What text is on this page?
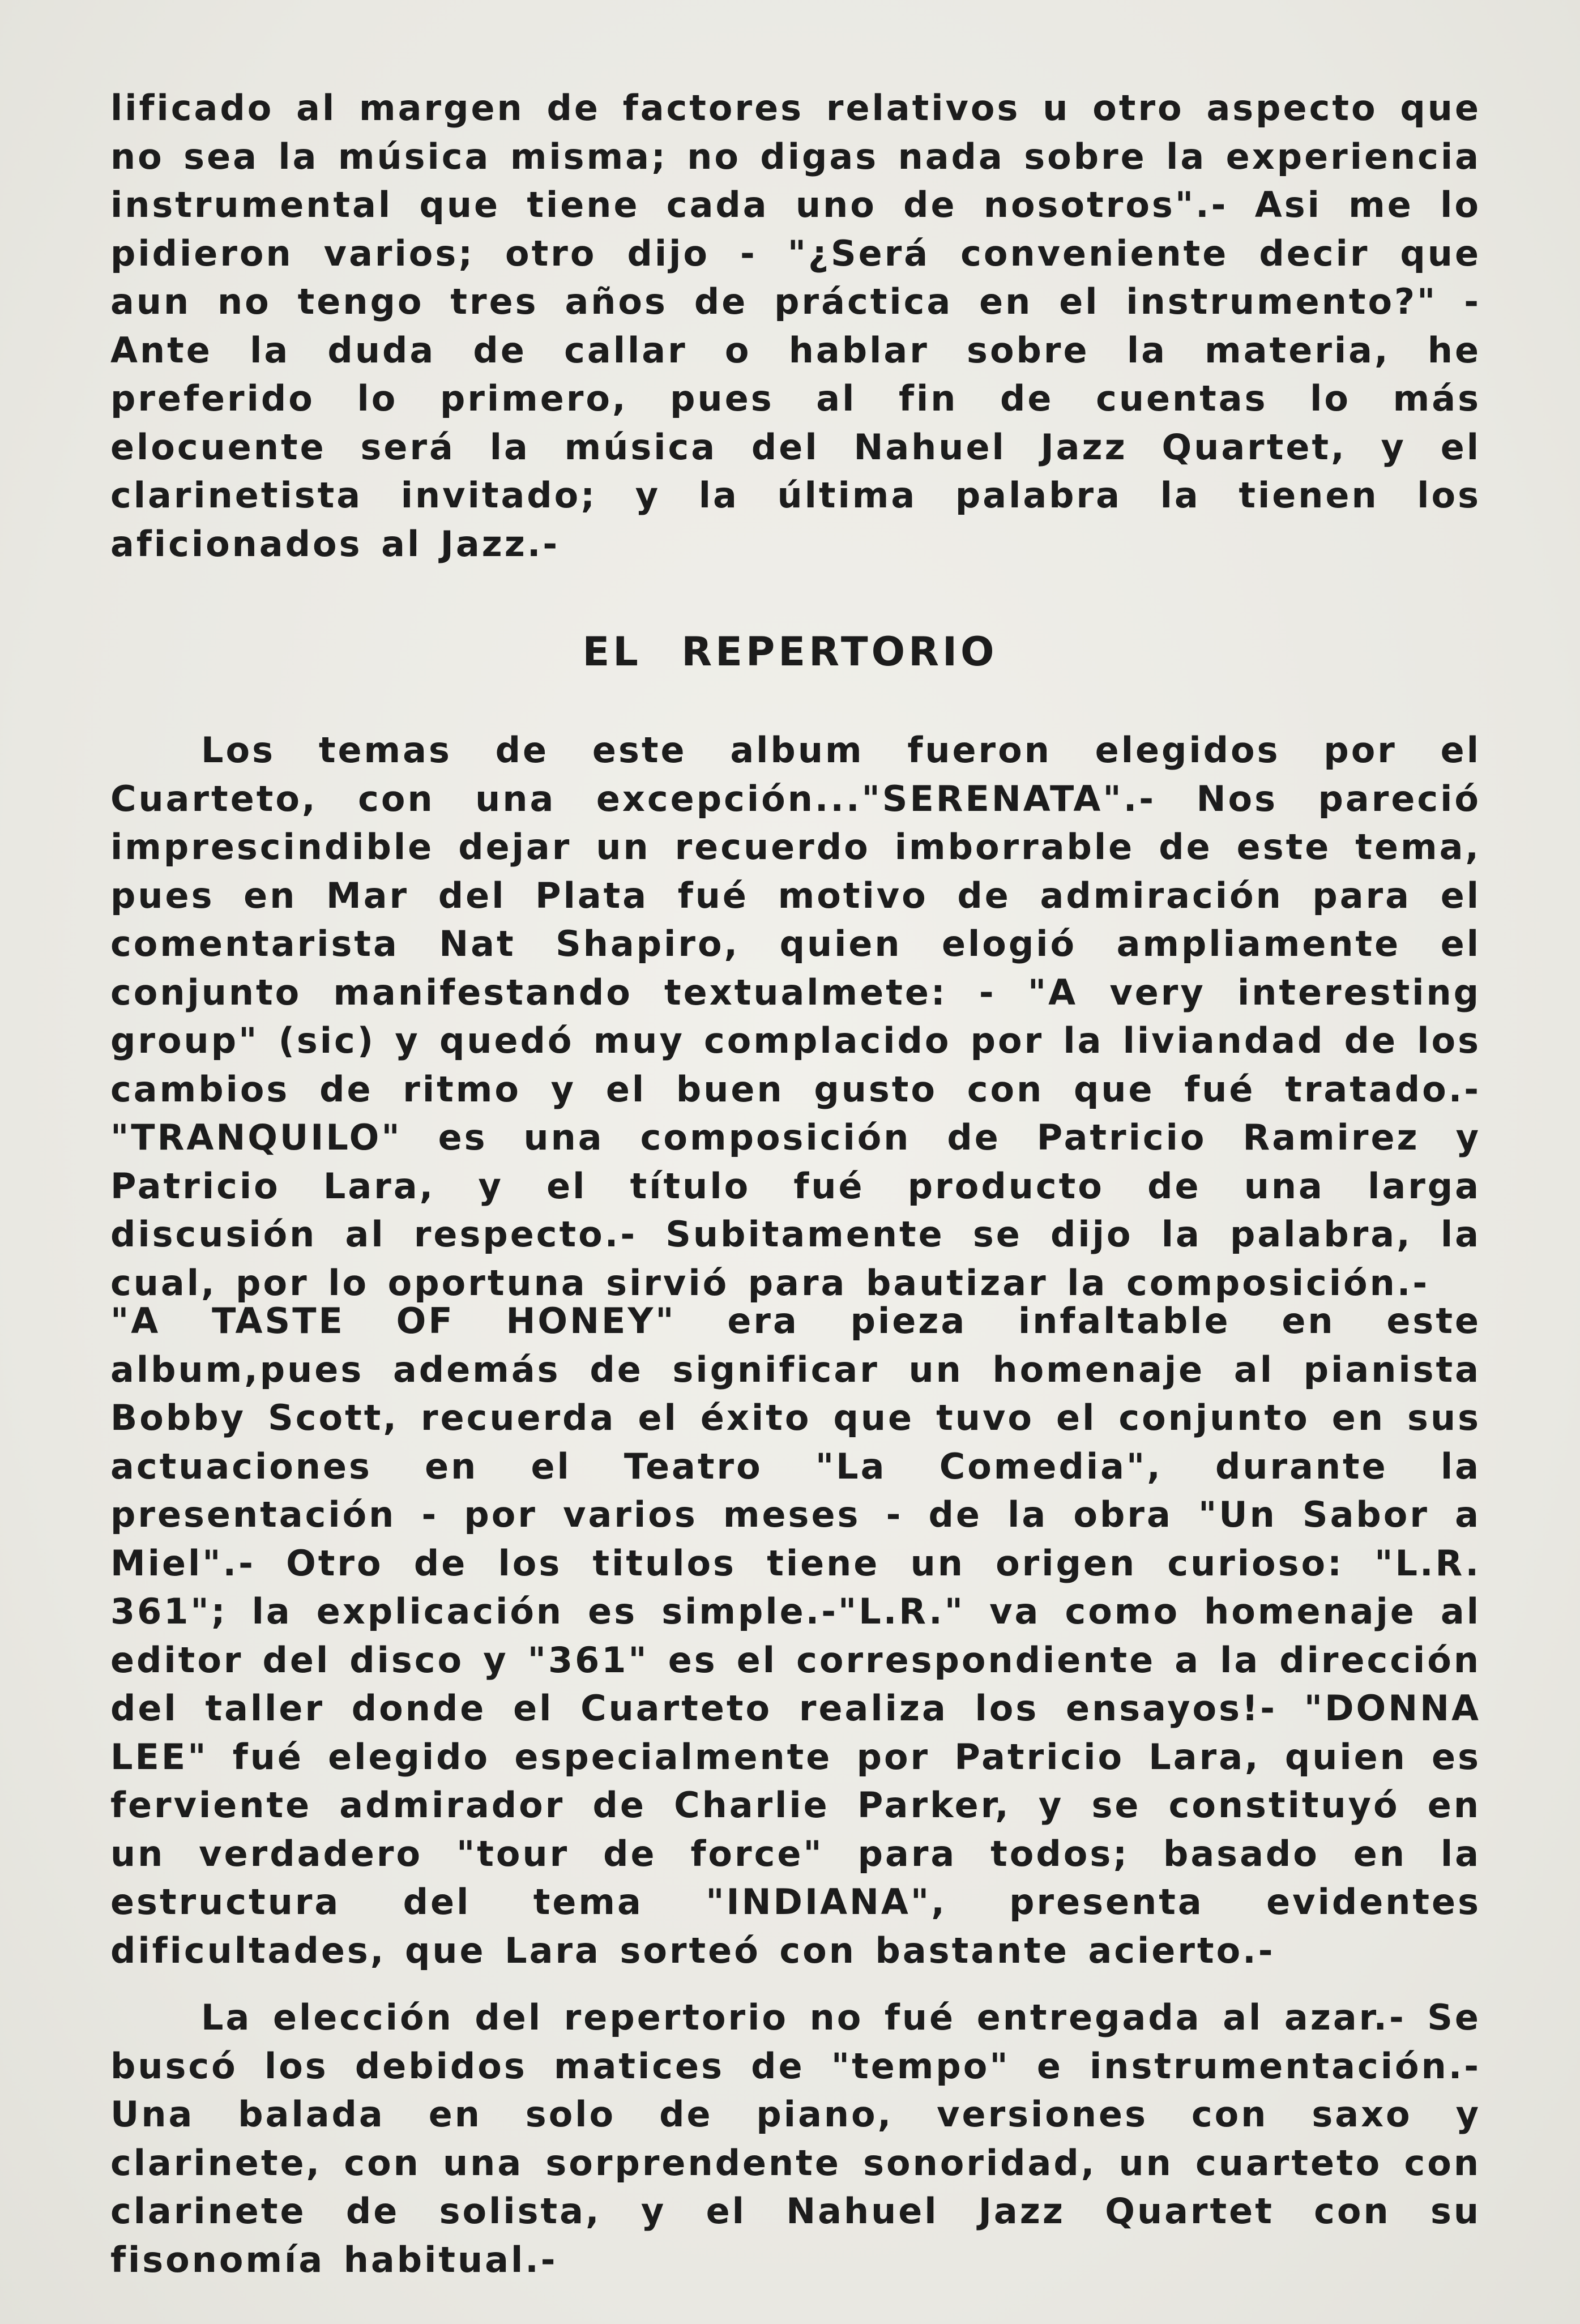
lificado al margen de factores relativos u otro aspecto que no sea la música misma; no digas nada sobre la experiencia instrumental que tiene cada uno de nosotros".- Asi me lo pidieron varios; otro dijo - "¿Será conveniente decir que aun no tengo tres años de práctica en el instrumento?" - Ante la duda de callar o hablar sobre la materia, he preferido lo primero, pues al fin de cuentas lo más elocuente será la música del Nahuel Jazz Quartet, y el clarinetista invitado; y la última palabra la tienen los aficionados al Jazz.-

EL REPERTORIO

Los temas de este album fueron elegidos por el Cuarteto, con una excepción..."SERENATA".- Nos pareció imprescindible dejar un recuerdo imborrable de este tema, pues en Mar del Plata fué motivo de admiración para el comentarista Nat Shapiro, quien elogió ampliamente el conjunto manifestando textualmete: - "A very interesting group" (sic) y quedó muy complacido por la liviandad de los cambios de ritmo y el buen gusto con que fué tratado.- "TRANQUILO" es una composición de Patricio Ramirez y Patricio Lara, y el título fué producto de una larga discusión al respecto.- Subitamente se dijo la palabra, la cual, por lo oportuna sirvió para bautizar la composición.-

"A TASTE OF HONEY" era pieza infaltable en este album,pues además de significar un homenaje al pianista Bobby Scott, recuerda el éxito que tuvo el conjunto en sus actuaciones en el Teatro "La Comedia", durante la presentación - por varios meses - de la obra "Un Sabor a Miel".- Otro de los titulos tiene un origen curioso: "L.R. 361"; la explicación es simple.-"L.R." va como homenaje al editor del disco y "361" es el correspondiente a la dirección del taller donde el Cuarteto realiza los ensayos!- "DONNA LEE" fué elegido especialmente por Patricio Lara, quien es ferviente admirador de Charlie Parker, y se constituyó en un verdadero "tour de force" para todos; basado en la estructura del tema "INDIANA", presenta evidentes dificultades, que Lara sorteó con bastante acierto.-

La elección del repertorio no fué entregada al azar.- Se buscó los debidos matices de "tempo" e instrumentación.- Una balada en solo de piano, versiones con saxo y clarinete, con una sorprendente sonoridad, un cuarteto con clarinete de solista, y el Nahuel Jazz Quartet con su fisonomía habitual.-
